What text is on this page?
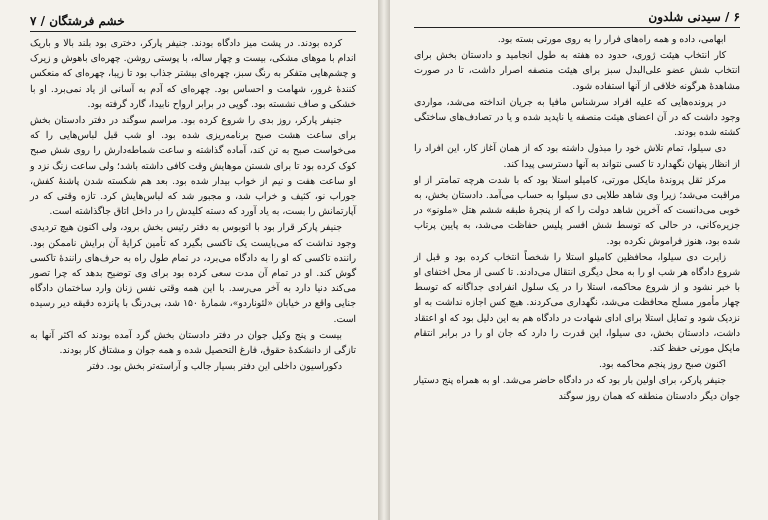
خشم فرشتگان / ۷

کرده بودند. در پشت میز دادگاه بودند. جنیفر پارکر، دختری بود بلند بالا و باریک اندام با موهای مشکی، بیست و چهار ساله، با پوستی روشن. چهره‌ای باهوش و زیرک و چشم‌هایی متفکر به رنگ سبز، چهره‌ای بیشتر جذاب بود تا زیبا، چهره‌ای که منعکس کنندهٔ غرور، شهامت و احساس بود. چهره‌ای که آدم به آسانی از یاد نمی‌برد. او با خشکی و صاف نشسته بود. گویی در برابر ارواح نابیدا، گارد گرفته بود.

جنیفر پارکر، روز بدی را شروع کرده بود. مراسم سوگند در دفتر دادستان بخش برای ساعت هشت صبح برنامه‌ریزی شده بود. او شب قبل لباس‌هایی را که می‌خواست صبح به تن کند، آماده گذاشته و ساعت شماطه‌دارش را روی شش صبح کوک کرده بود تا برای شستن موهایش وقت کافی داشته باشد؛ ولی ساعت زنگ نزد و او ساعت هفت و نیم از خواب بیدار شده بود. بعد هم شکسته شدن پاشنهٔ کفش، جوراب نو، کثیف و خراب شد، و مجبور شد که لباس‌هایش کرد. تازه وقتی که در آپارتمانش را بست، به یاد آورد که دسته کلیدش را در داخل اتاق جاگذاشته است.

جنیفر پارکر قرار بود با اتوبوس به دفتر رئیس بخش برود، ولی اکنون هیچ تردیدی وجود نداشت که می‌بایست یک تاکسی بگیرد که تأمین کرایهٔ آن برایش ناممکن بود. راننده تاکسی که او را به دادگاه می‌برد، در تمام طول راه به حرف‌های رانندهٔ تاکسی گوش کند. او در تمام آن مدت سعی کرده بود برای وی توضیح بدهد که چرا تصور می‌کند دنیا دارد به آخر می‌رسد. با این همه وقتی نفس زنان وارد ساختمان دادگاه جنایی واقع در خیابان «لئوناردو»، شمارهٔ ۱۵۰ شد، بی‌درنگ با پانزده دقیقه دیر رسیده است.

بیست و پنج وکیل جوان در دفتر دادستان بخش گرد آمده بودند که اکثر آنها به تازگی از دانشکدهٔ حقوق، فارغ التحصیل شده و همه جوان و مشتاق کار بودند.

دکوراسیون داخلی این دفتر بسیار جالب و آراسته‌تر بخش بود. دفتر

۶ / سیدنی شلدون

ابهامی، داده و همه راه‌های فرار را به روی مورتی بسته بود.

کار انتخاب هیئت ژوری، حدود ده هفته به طول انجامید و دادستان بخش برای انتخاب شش عضو علی‌البدل سبز برای هیئت منصفه اصرار داشت، تا در صورت مشاهدهٔ هرگونه خلافی از آنها استفاده شود.

در پرونده‌هایی که علیه افراد سرشناس مافیا به جریان انداخته می‌شد، مواردی وجود داشت که در آن اعضای هیئت منصفه یا ناپدید شده و یا در تصادف‌های ساختگی کشته شده بودند.

دی سیلوا، تمام تلاش خود را مبذول داشته بود که از همان آغاز کار، این افراد را از انظار پنهان نگهدارد تا کسی نتواند به آنها دسترسی پیدا کند.

مرکز ثقل پروندهٔ مایکل مورتی، کامیلو استلا بود که با شدت هرچه تمامتر از او مراقبت می‌شد؛ زیرا وی شاهد طلایی دی سیلوا به حساب می‌آمد. دادستان بخش، به خوبی می‌دانست که آخرین شاهد دولت را که از پنجرهٔ طبقه ششم هتل «ملونو» در جزیره‌کانی، در حالی که توسط شش افسر پلیس حفاظت می‌شد، به پایین پرتاب شده بود، هنوز فراموش نکرده بود.

زایرت دی سیلوا، محافظین کامیلو استلا را شخصاً انتخاب کرده بود و قبل از شروع دادگاه هر شب او را به محل دیگری انتقال می‌دادند. تا کسی از محل اختفای او با خبر نشود و از شروع محاکمه، استلا را در یک سلول انفرادی جداگانه که توسط چهار مأمور مسلح محافظت می‌شد، نگهداری می‌کردند. هیچ کس اجازه نداشت به او نزدیک شود و تمایل استلا برای ادای شهادت در دادگاه هم به این دلیل بود که او اعتقاد داشت، دادستان بخش، دی سیلوا، این قدرت را دارد که جان او را در برابر انتقام مایکل مورتی حفظ کند.

اکنون صبح روز پنجم محاکمه بود.

جنیفر پارکر، برای اولین بار بود که در دادگاه حاضر می‌شد. او به همراه پنج دستیار جوان دیگر دادستان منطقه که همان روز سوگند
